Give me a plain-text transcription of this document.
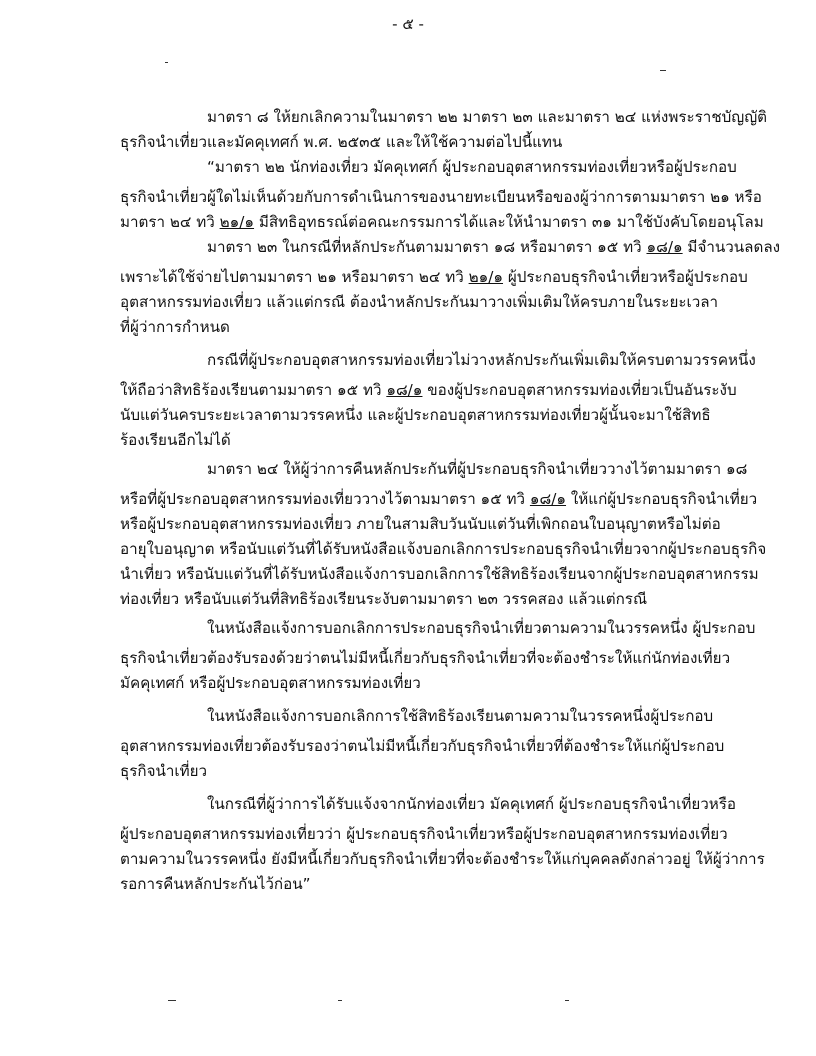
- ๕ -
มาตรา ๘ ให้ยกเลิกความในมาตรา ๒๒ มาตรา ๒๓ และมาตรา ๒๔ แห่งพระราชบัญญัติ
ธุรกิจนำเที่ยวและมัคคุเทศก์ พ.ศ. ๒๕๓๕ และให้ใช้ความต่อไปนี้แทน
“มาตรา ๒๒ นักท่องเที่ยว มัคคุเทศก์ ผู้ประกอบอุตสาหกรรมท่องเที่ยวหรือผู้ประกอบ
ธุรกิจนำเที่ยวผู้ใดไม่เห็นด้วยกับการดำเนินการของนายทะเบียนหรือของผู้ว่าการตามมาตรา ๒๑ หรือ
มาตรา ๒๔ ทวิ ๒๑/๑ มีสิทธิอุทธรณ์ต่อคณะกรรมการได้และให้นำมาตรา ๓๑ มาใช้บังคับโดยอนุโลม
มาตรา ๒๓ ในกรณีที่หลักประกันตามมาตรา ๑๘ หรือมาตรา ๑๕ ทวิ ๑๘/๑ มีจำนวนลดลง
เพราะได้ใช้จ่ายไปตามมาตรา ๒๑ หรือมาตรา ๒๔ ทวิ ๒๑/๑ ผู้ประกอบธุรกิจนำเที่ยวหรือผู้ประกอบ
อุตสาหกรรมท่องเที่ยว แล้วแต่กรณี ต้องนำหลักประกันมาวางเพิ่มเติมให้ครบภายในระยะเวลา
ที่ผู้ว่าการกำหนด
กรณีที่ผู้ประกอบอุตสาหกรรมท่องเที่ยวไม่วางหลักประกันเพิ่มเติมให้ครบตามวรรคหนึ่ง
ให้ถือว่าสิทธิร้องเรียนตามมาตรา ๑๕ ทวิ ๑๘/๑ ของผู้ประกอบอุตสาหกรรมท่องเที่ยวเป็นอันระงับ
นับแต่วันครบระยะเวลาตามวรรคหนึ่ง และผู้ประกอบอุตสาหกรรมท่องเที่ยวผู้นั้นจะมาใช้สิทธิ
ร้องเรียนอีกไม่ได้
มาตรา ๒๔ ให้ผู้ว่าการคืนหลักประกันที่ผู้ประกอบธุรกิจนำเที่ยววางไว้ตามมาตรา ๑๘
หรือที่ผู้ประกอบอุตสาหกรรมท่องเที่ยววางไว้ตามมาตรา ๑๕ ทวิ ๑๘/๑ ให้แก่ผู้ประกอบธุรกิจนำเที่ยว
หรือผู้ประกอบอุตสาหกรรมท่องเที่ยว ภายในสามสิบวันนับแต่วันที่เพิกถอนใบอนุญาตหรือไม่ต่อ
อายุใบอนุญาต หรือนับแต่วันที่ได้รับหนังสือแจ้งบอกเลิกการประกอบธุรกิจนำเที่ยวจากผู้ประกอบธุรกิจ
นำเที่ยว หรือนับแต่วันที่ได้รับหนังสือแจ้งการบอกเลิกการใช้สิทธิร้องเรียนจากผู้ประกอบอุตสาหกรรม
ท่องเที่ยว หรือนับแต่วันที่สิทธิร้องเรียนระงับตามมาตรา ๒๓ วรรคสอง แล้วแต่กรณี
ในหนังสือแจ้งการบอกเลิกการประกอบธุรกิจนำเที่ยวตามความในวรรคหนึ่ง ผู้ประกอบ
ธุรกิจนำเที่ยวต้องรับรองด้วยว่าตนไม่มีหนี้เกี่ยวกับธุรกิจนำเที่ยวที่จะต้องชำระให้แก่นักท่องเที่ยว
มัคคุเทศก์ หรือผู้ประกอบอุตสาหกรรมท่องเที่ยว
ในหนังสือแจ้งการบอกเลิกการใช้สิทธิร้องเรียนตามความในวรรคหนึ่งผู้ประกอบ
อุตสาหกรรมท่องเที่ยวต้องรับรองว่าตนไม่มีหนี้เกี่ยวกับธุรกิจนำเที่ยวที่ต้องชำระให้แก่ผู้ประกอบ
ธุรกิจนำเที่ยว
ในกรณีที่ผู้ว่าการได้รับแจ้งจากนักท่องเที่ยว มัคคุเทศก์ ผู้ประกอบธุรกิจนำเที่ยวหรือ
ผู้ประกอบอุตสาหกรรมท่องเที่ยวว่า ผู้ประกอบธุรกิจนำเที่ยวหรือผู้ประกอบอุตสาหกรรมท่องเที่ยว
ตามความในวรรคหนึ่ง ยังมีหนี้เกี่ยวกับธุรกิจนำเที่ยวที่จะต้องชำระให้แก่บุคคลดังกล่าวอยู่ ให้ผู้ว่าการ
รอการคืนหลักประกันไว้ก่อน”
